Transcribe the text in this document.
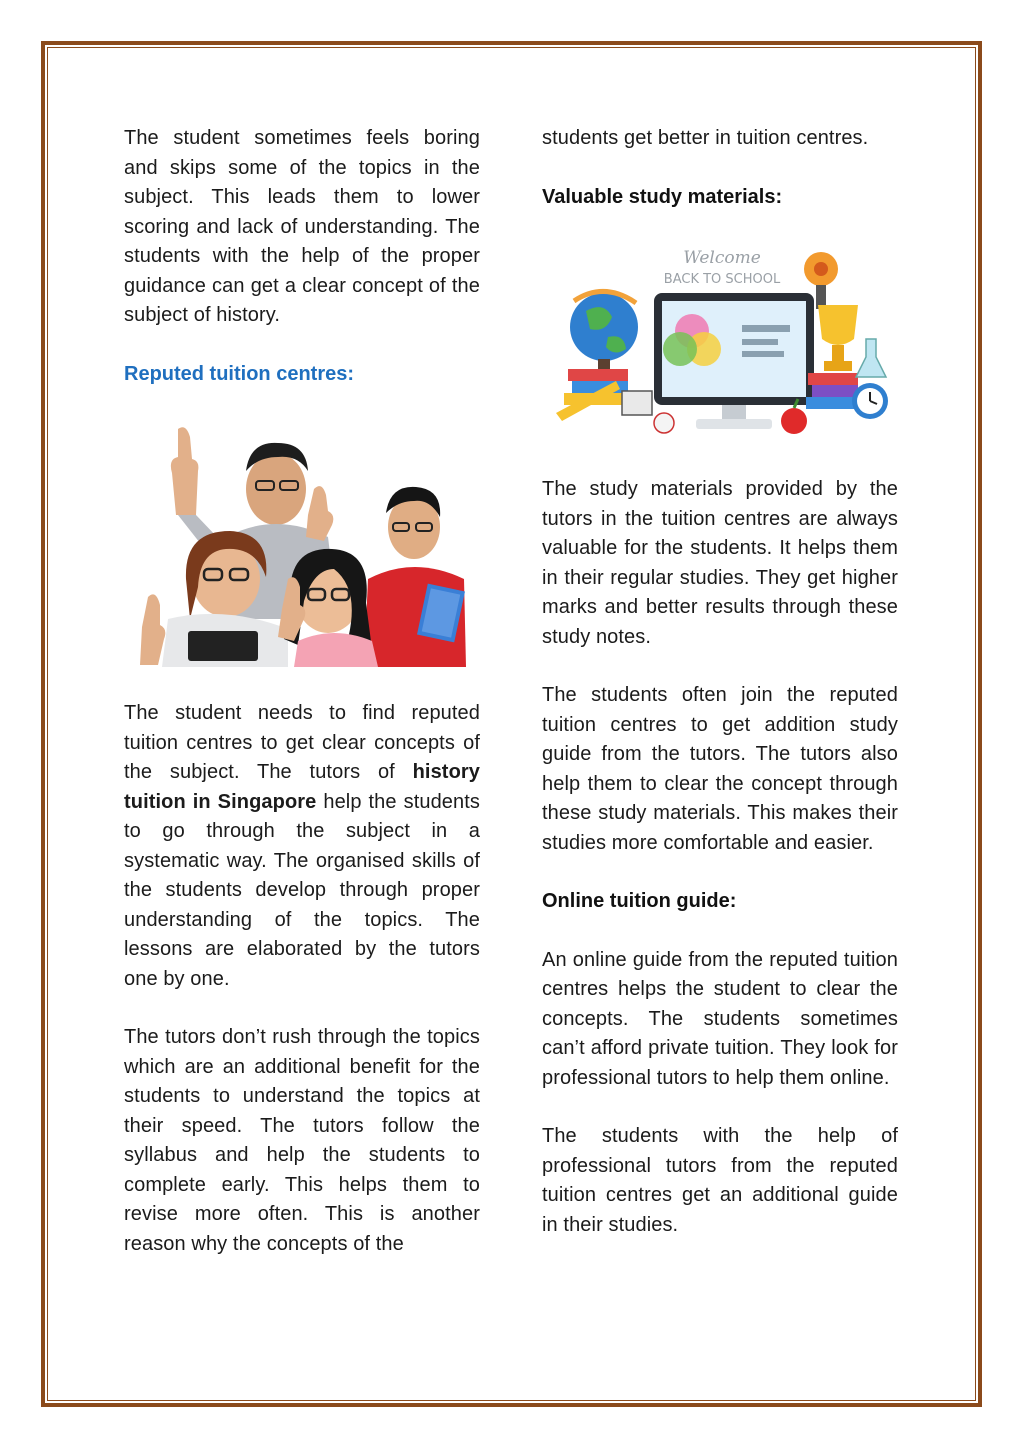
The student sometimes feels boring and skips some of the topics in the subject. This leads them to lower scoring and lack of understanding. The students with the help of the proper guidance can get a clear concept of the subject of history.

Reputed tuition centres:

The student needs to find reputed tuition centres to get clear concepts of the subject. The tutors of history tuition in Singapore help the students to go through the subject in a systematic way. The organised skills of the students develop through proper understanding of the topics. The lessons are elaborated by the tutors one by one.

The tutors don’t rush through the topics which are an additional benefit for the students to understand the topics at their speed. The tutors follow the syllabus and help the students to complete early. This helps them to revise more often. This is another reason why the concepts of the

students get better in tuition centres.

Valuable study materials:
Welcome
BACK TO SCHOOL

The study materials provided by the tutors in the tuition centres are always valuable for the students. It helps them in their regular studies. They get higher marks and better results through these study notes.

The students often join the reputed tuition centres to get addition study guide from the tutors. The tutors also help them to clear the concept through these study materials. This makes their studies more comfortable and easier.

Online tuition guide:

An online guide from the reputed tuition centres helps the student to clear the concepts. The students sometimes can’t afford private tuition. They look for professional tutors to help them online.

The students with the help of professional tutors from the reputed tuition centres get an additional guide in their studies.
